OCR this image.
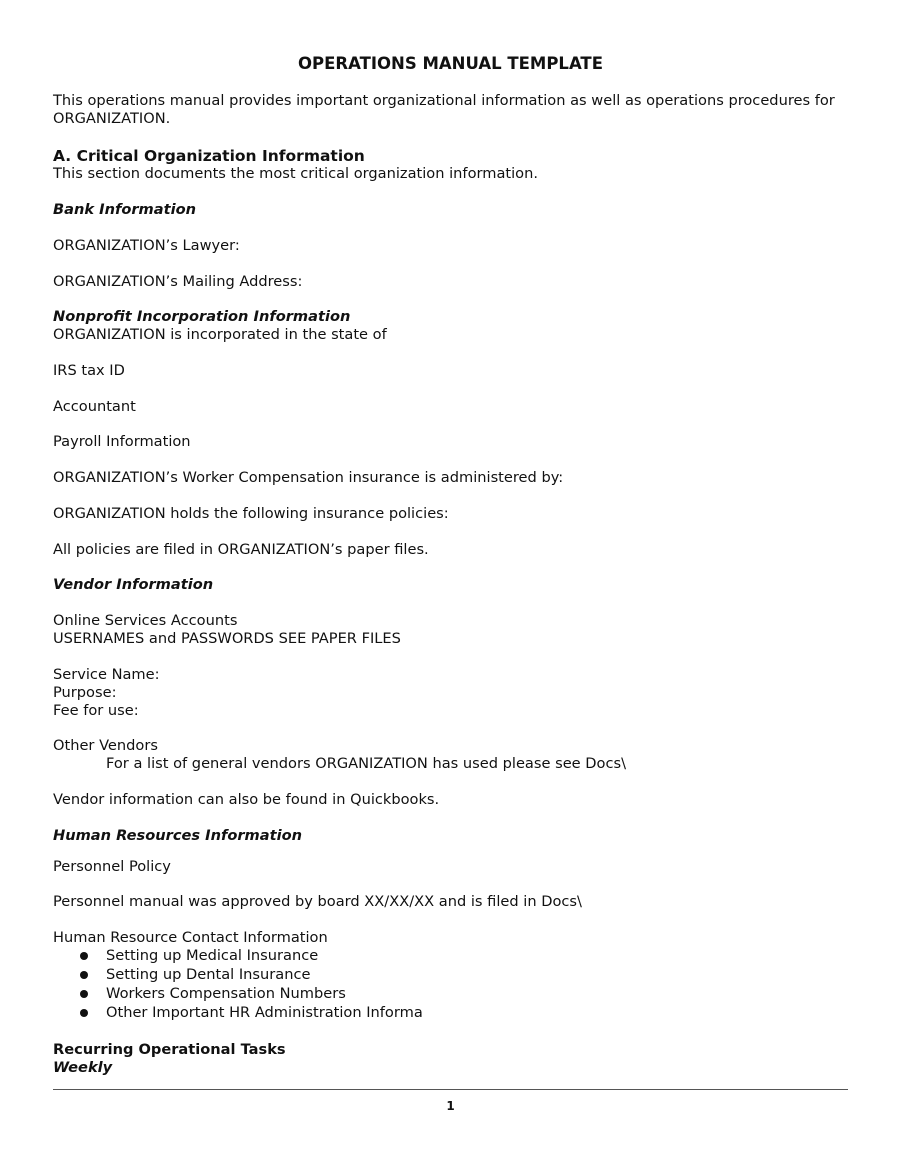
OPERATIONS MANUAL TEMPLATE
This operations manual provides important organizational information as well as operations procedures for
ORGANIZATION.
A. Critical Organization Information
This section documents the most critical organization information.
Bank Information
ORGANIZATION’s Lawyer:
ORGANIZATION’s Mailing Address:
Nonprofit Incorporation Information
ORGANIZATION is incorporated in the state of
IRS tax ID
Accountant
Payroll Information
ORGANIZATION’s Worker Compensation insurance is administered by:
ORGANIZATION holds the following insurance policies:
All policies are filed in ORGANIZATION’s paper files.
Vendor Information
Online Services Accounts
USERNAMES and PASSWORDS SEE PAPER FILES
Service Name:
Purpose:
Fee for use:
Other Vendors
For a list of general vendors ORGANIZATION has used please see Docs\
Vendor information can also be found in Quickbooks.
Human Resources Information
Personnel Policy
Personnel manual was approved by board XX/XX/XX and is filed in Docs\
Human Resource Contact Information
Setting up Medical Insurance
Setting up Dental Insurance
Workers Compensation Numbers
Other Important HR Administration Informa
Recurring Operational Tasks
Weekly
1
